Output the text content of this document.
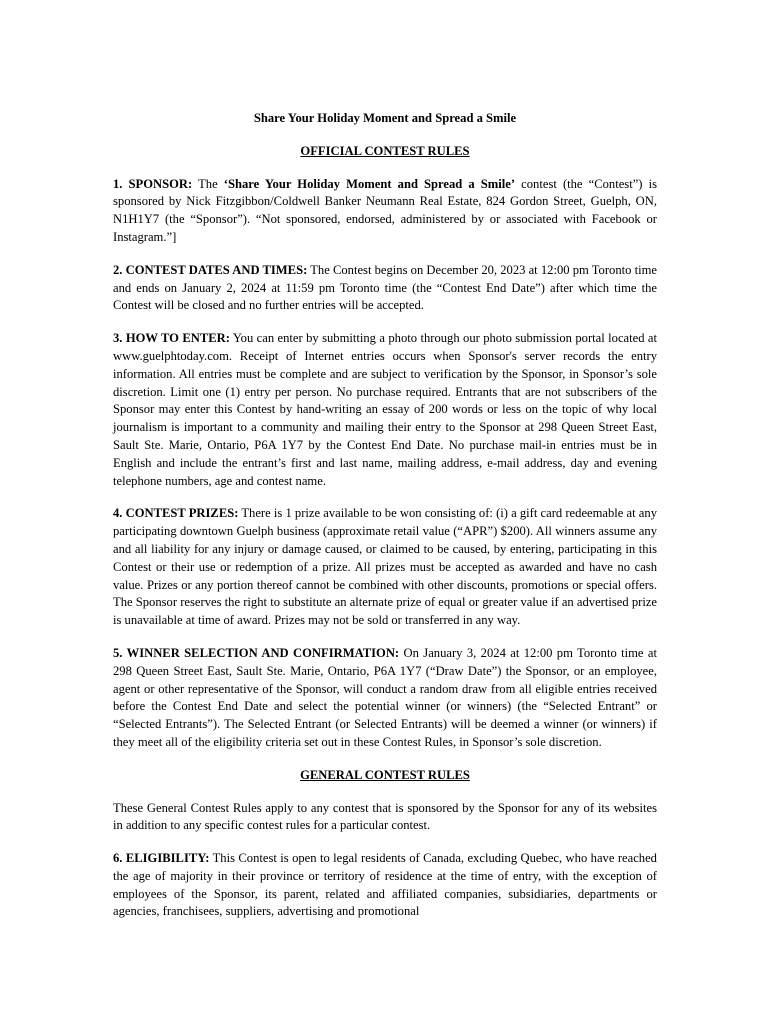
Share Your Holiday Moment and Spread a Smile

OFFICIAL CONTEST RULES

1. SPONSOR: The ‘Share Your Holiday Moment and Spread a Smile’ contest (the “Contest”) is sponsored by Nick Fitzgibbon/Coldwell Banker Neumann Real Estate, 824 Gordon Street, Guelph, ON, N1H1Y7 (the “Sponsor”). “Not sponsored, endorsed, administered by or associated with Facebook or Instagram.”]

2. CONTEST DATES AND TIMES: The Contest begins on December 20, 2023 at 12:00 pm Toronto time and ends on January 2, 2024 at 11:59 pm Toronto time (the “Contest End Date”) after which time the Contest will be closed and no further entries will be accepted.

3. HOW TO ENTER: You can enter by submitting a photo through our photo submission portal located at www.guelphtoday.com. Receipt of Internet entries occurs when Sponsor's server records the entry information. All entries must be complete and are subject to verification by the Sponsor, in Sponsor’s sole discretion. Limit one (1) entry per person. No purchase required. Entrants that are not subscribers of the Sponsor may enter this Contest by hand-writing an essay of 200 words or less on the topic of why local journalism is important to a community and mailing their entry to the Sponsor at 298 Queen Street East, Sault Ste. Marie, Ontario, P6A 1Y7 by the Contest End Date. No purchase mail-in entries must be in English and include the entrant’s first and last name, mailing address, e-mail address, day and evening telephone numbers, age and contest name.

4. CONTEST PRIZES: There is 1 prize available to be won consisting of: (i) a gift card redeemable at any participating downtown Guelph business (approximate retail value (“APR”) $200). All winners assume any and all liability for any injury or damage caused, or claimed to be caused, by entering, participating in this Contest or their use or redemption of a prize. All prizes must be accepted as awarded and have no cash value. Prizes or any portion thereof cannot be combined with other discounts, promotions or special offers. The Sponsor reserves the right to substitute an alternate prize of equal or greater value if an advertised prize is unavailable at time of award. Prizes may not be sold or transferred in any way.

5. WINNER SELECTION AND CONFIRMATION: On January 3, 2024 at 12:00 pm Toronto time at 298 Queen Street East, Sault Ste. Marie, Ontario, P6A 1Y7 (“Draw Date”) the Sponsor, or an employee, agent or other representative of the Sponsor, will conduct a random draw from all eligible entries received before the Contest End Date and select the potential winner (or winners) (the “Selected Entrant” or “Selected Entrants”). The Selected Entrant (or Selected Entrants) will be deemed a winner (or winners) if they meet all of the eligibility criteria set out in these Contest Rules, in Sponsor’s sole discretion.

GENERAL CONTEST RULES

These General Contest Rules apply to any contest that is sponsored by the Sponsor for any of its websites in addition to any specific contest rules for a particular contest.

6. ELIGIBILITY: This Contest is open to legal residents of Canada, excluding Quebec, who have reached the age of majority in their province or territory of residence at the time of entry, with the exception of employees of the Sponsor, its parent, related and affiliated companies, subsidiaries, departments or agencies, franchisees, suppliers, advertising and promotional
